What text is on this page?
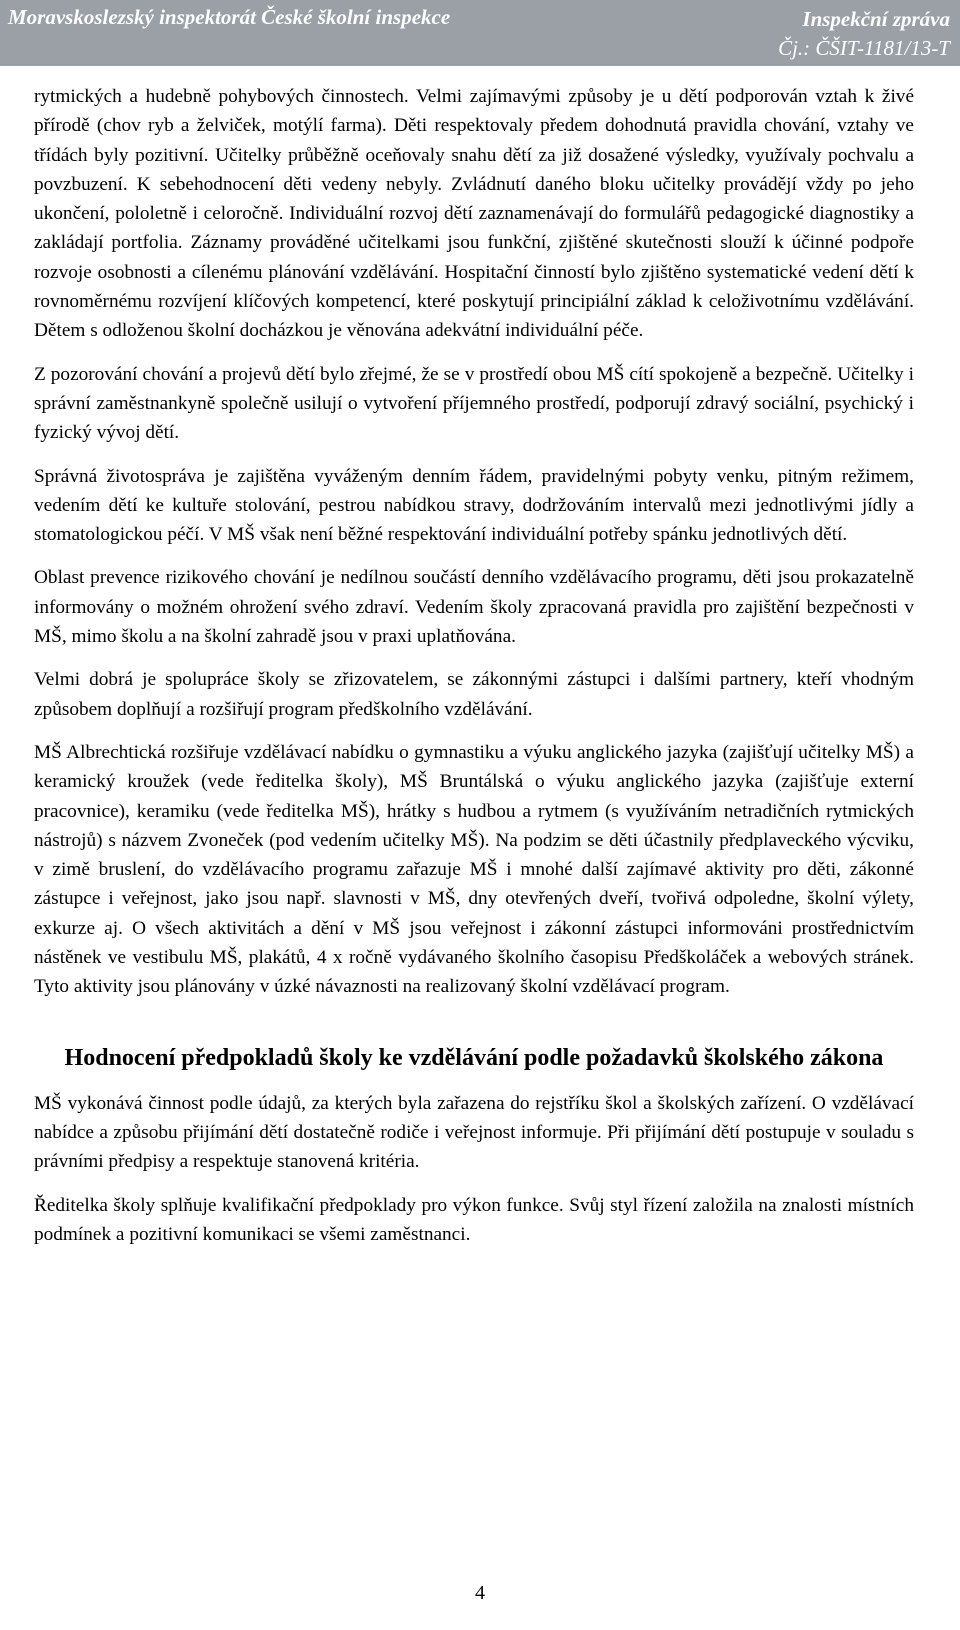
Moravskoslezský inspektorát České školní inspekce	Inspekční zpráva
Čj.: ČŠIT-1181/13-T

rytmických a hudebně pohybových činnostech. Velmi zajímavými způsoby je u dětí podporován vztah k živé přírodě (chov ryb a želviček, motýlí farma). Děti respektovaly předem dohodnutá pravidla chování, vztahy ve třídách byly pozitivní. Učitelky průběžně oceňovaly snahu dětí za již dosažené výsledky, využívaly pochvalu a povzbuzení. K sebehodnocení děti vedeny nebyly. Zvládnutí daného bloku učitelky provádějí vždy po jeho ukončení, pololetně i celoročně. Individuální rozvoj dětí zaznamenávají do formulářů pedagogické diagnostiky a zakládají portfolia. Záznamy prováděné učitelkami jsou funkční, zjištěné skutečnosti slouží k účinné podpoře rozvoje osobnosti a cílenému plánování vzdělávání. Hospitační činností bylo zjištěno systematické vedení dětí k rovnoměrnému rozvíjení klíčových kompetencí, které poskytují principiální základ k celoživotnímu vzdělávání. Dětem s odloženou školní docházkou je věnována adekvátní individuální péče.

Z pozorování chování a projevů dětí bylo zřejmé, že se v prostředí obou MŠ cítí spokojeně a bezpečně. Učitelky i správní zaměstnankyně společně usilují o vytvoření příjemného prostředí, podporují zdravý sociální, psychický i fyzický vývoj dětí.

Správná životospráva je zajištěna vyváženým denním řádem, pravidelnými pobyty venku, pitným režimem, vedením dětí ke kultuře stolování, pestrou nabídkou stravy, dodržováním intervalů mezi jednotlivými jídly a stomatologickou péčí. V MŠ však není běžné respektování individuální potřeby spánku jednotlivých dětí.

Oblast prevence rizikového chování je nedílnou součástí denního vzdělávacího programu, děti jsou prokazatelně informovány o možném ohrožení svého zdraví. Vedením školy zpracovaná pravidla pro zajištění bezpečnosti v MŠ, mimo školu a na školní zahradě jsou v praxi uplatňována.

Velmi dobrá je spolupráce školy se zřizovatelem, se zákonnými zástupci i dalšími partnery, kteří vhodným způsobem doplňují a rozšiřují program předškolního vzdělávání.

MŠ Albrechtická rozšiřuje vzdělávací nabídku o gymnastiku a výuku anglického jazyka (zajišťují učitelky MŠ) a keramický kroužek (vede ředitelka školy), MŠ Bruntálská o výuku anglického jazyka (zajišťuje externí pracovnice), keramiku (vede ředitelka MŠ), hrátky s hudbou a rytmem (s využíváním netradičních rytmických nástrojů) s názvem Zvoneček (pod vedením učitelky MŠ). Na podzim se děti účastnily předplaveckého výcviku, v zimě bruslení, do vzdělávacího programu zařazuje MŠ i mnohé další zajímavé aktivity pro děti, zákonné zástupce i veřejnost, jako jsou např. slavnosti v MŠ, dny otevřených dveří, tvořivá odpoledne, školní výlety, exkurze aj. O všech aktivitách a dění v MŠ jsou veřejnost i zákonní zástupci informováni prostřednictvím nástěnek ve vestibulu MŠ, plakátů, 4 x ročně vydávaného školního časopisu Předškoláček a webových stránek. Tyto aktivity jsou plánovány v úzké návaznosti na realizovaný školní vzdělávací program.

Hodnocení předpokladů školy ke vzdělávání podle požadavků školského zákona

MŠ vykonává činnost podle údajů, za kterých byla zařazena do rejstříku škol a školských zařízení. O vzdělávací nabídce a způsobu přijímání dětí dostatečně rodiče i veřejnost informuje. Při přijímání dětí postupuje v souladu s právními předpisy a respektuje stanovená kritéria.

Ředitelka školy splňuje kvalifikační předpoklady pro výkon funkce. Svůj styl řízení založila na znalosti místních podmínek a pozitivní komunikaci se všemi zaměstnanci.

4
